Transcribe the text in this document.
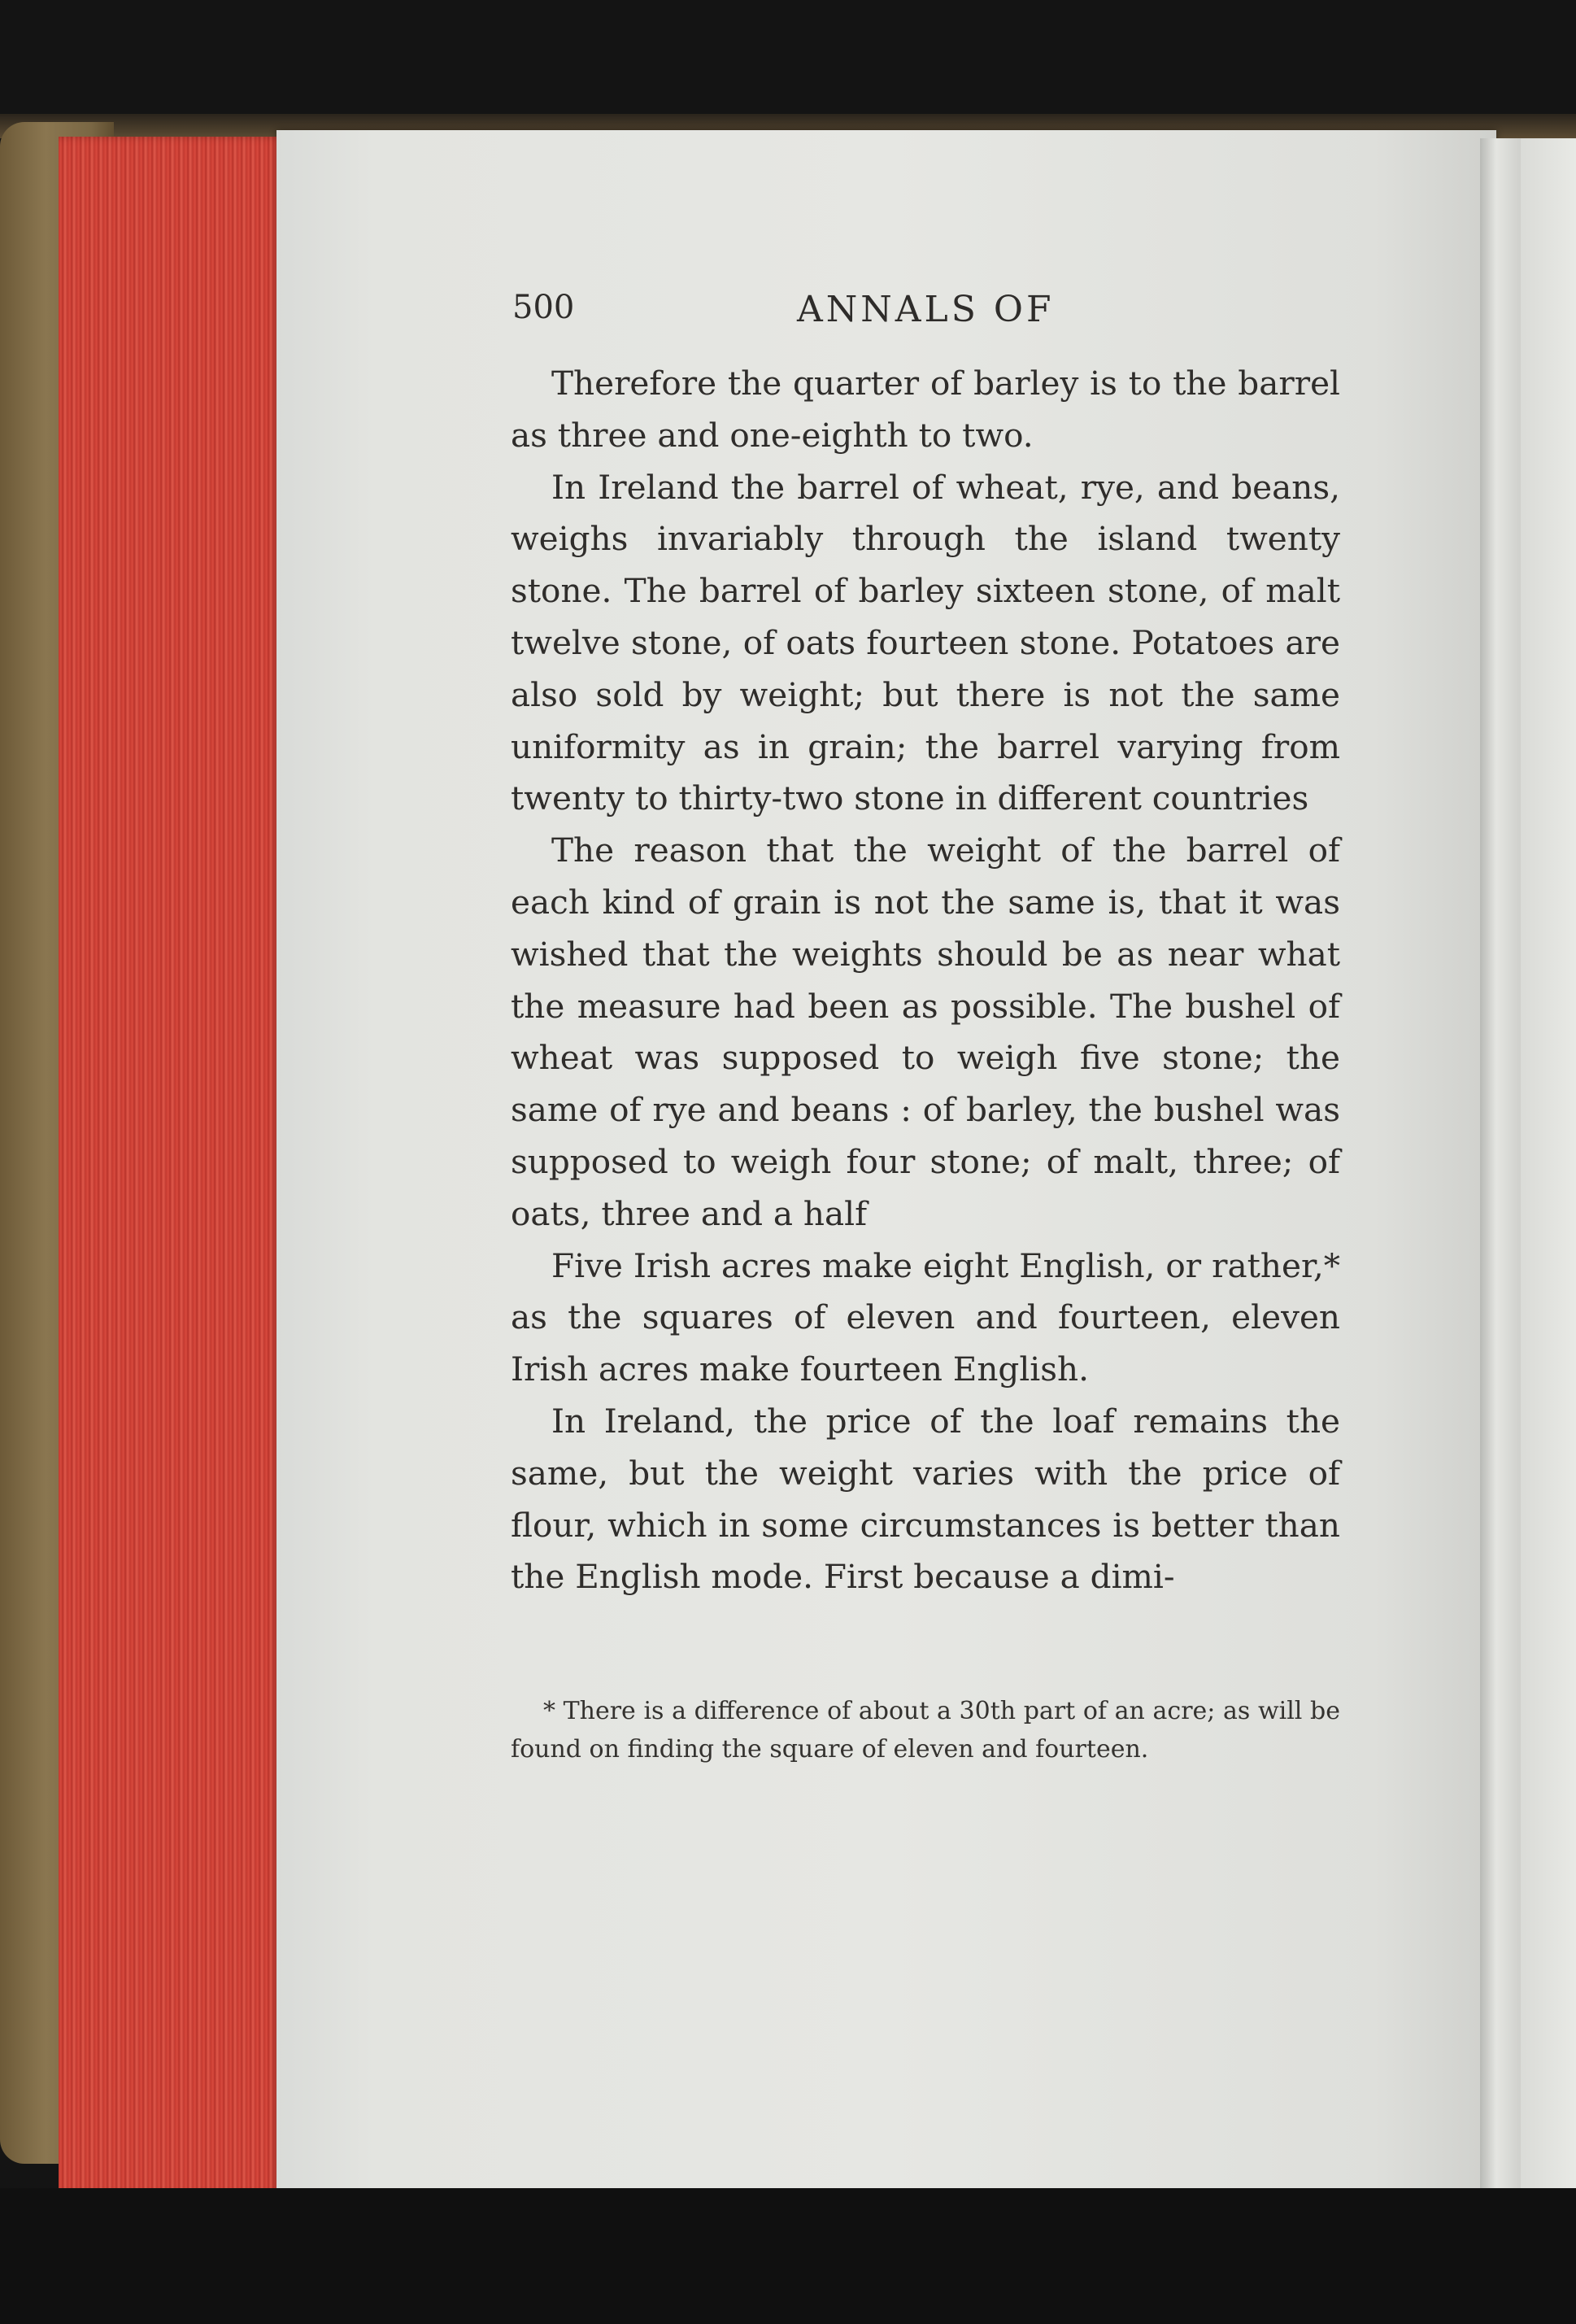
500	ANNALS OF

Therefore the quarter of barley is to the barrel as three and one-eighth to two.

In Ireland the barrel of wheat, rye, and beans, weighs invariably through the island twenty stone. The barrel of barley sixteen stone, of malt twelve stone, of oats fourteen stone. Potatoes are also sold by weight; but there is not the same uniformity as in grain; the barrel varying from twenty to thirty-two stone in different countries

The reason that the weight of the barrel of each kind of grain is not the same is, that it was wished that the weights should be as near what the measure had been as possible. The bushel of wheat was supposed to weigh five stone; the same of rye and beans : of barley, the bushel was supposed to weigh four stone; of malt, three; of oats, three and a half

Five Irish acres make eight English, or rather,* as the squares of eleven and fourteen, eleven Irish acres make fourteen English.

In Ireland, the price of the loaf remains the same, but the weight varies with the price of flour, which in some circumstances is better than the English mode. First because a dimi-

* There is a difference of about a 30th part of an acre; as will be found on finding the square of eleven and fourteen.
